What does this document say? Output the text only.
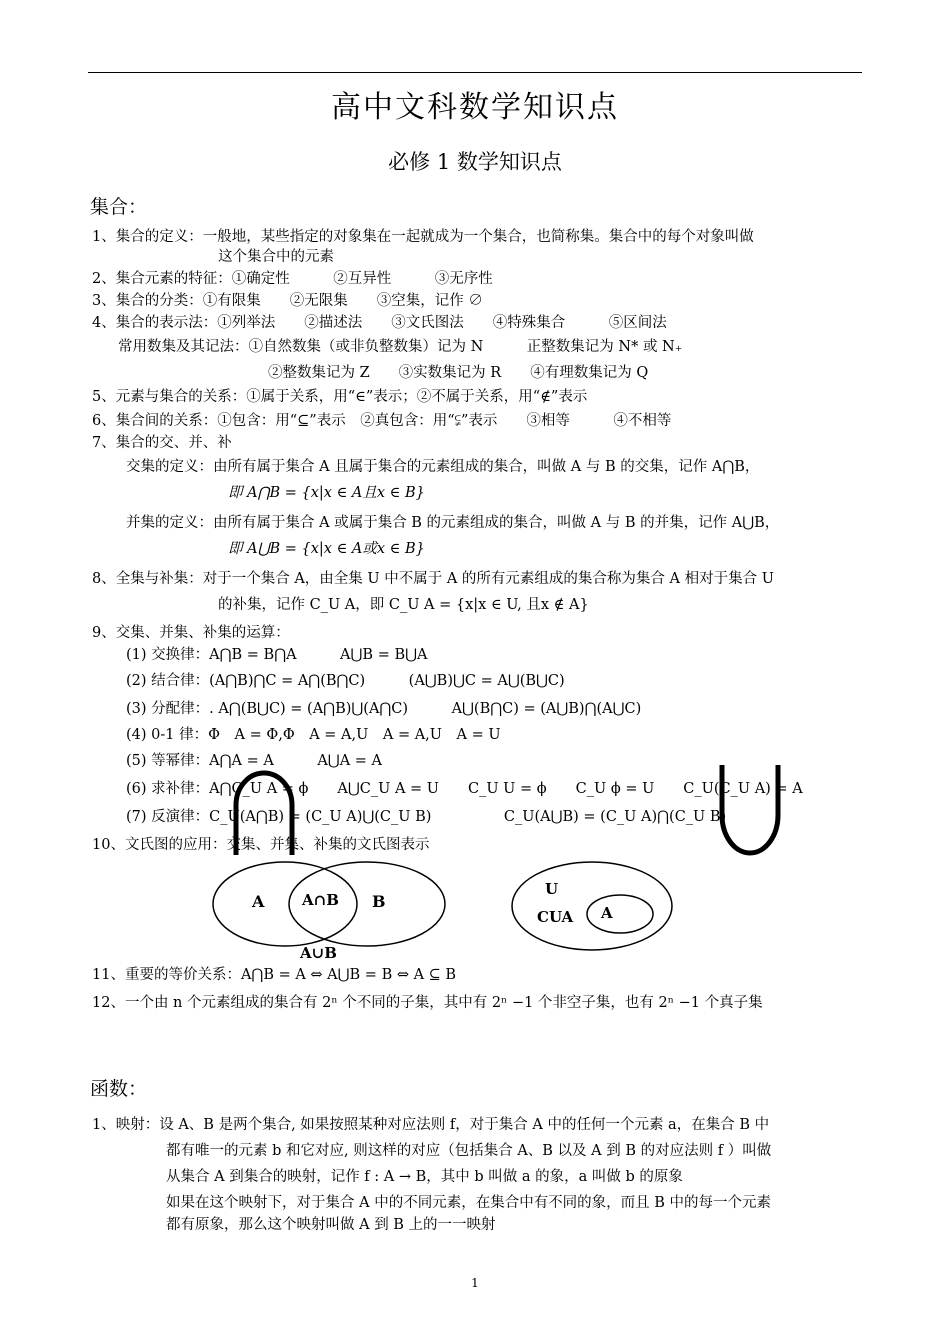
高中文科数学知识点
必修 1 数学知识点
集合：
1、集合的定义：一般地，某些指定的对象集在一起就成为一个集合，也简称集。集合中的每个对象叫做
这个集合中的元素
2、集合元素的特征：①确定性　　　②互异性　　　③无序性
3、集合的分类：①有限集　　②无限集　　③空集，记作 ∅
4、集合的表示法：①列举法　　②描述法　　③文氏图法　　④特殊集合　　　⑤区间法
常用数集及其记法：①自然数集（或非负整数集）记为 N　　　正整数集记为 N* 或 N₊
②整数集记为 Z　　③实数集记为 R　　④有理数集记为 Q
5、元素与集合的关系：①属于关系，用“∈”表示；②不属于关系，用“∉”表示
6、集合间的关系：①包含：用“⊆”表示　②真包含：用“⫋”表示　　③相等　　　④不相等
7、集合的交、并、补
交集的定义：由所有属于集合 A 且属于集合的元素组成的集合，叫做 A 与 B 的交集，记作 A⋂B，
即 A⋂B = {x|x ∈ A且x ∈ B}
并集的定义：由所有属于集合 A 或属于集合 B 的元素组成的集合，叫做 A 与 B 的并集，记作 A⋃B，
即 A⋃B = {x|x ∈ A或x ∈ B}
8、全集与补集：对于一个集合 A，由全集 U 中不属于 A 的所有元素组成的集合称为集合 A 相对于集合 U
的补集，记作 C_U A，即 C_U A = {x|x ∈ U, 且x ∉ A}
9、交集、并集、补集的运算：
(1) 交换律：A⋂B = B⋂A　　　A⋃B = B⋃A
(2) 结合律：(A⋂B)⋂C = A⋂(B⋂C)　　　(A⋃B)⋃C = A⋃(B⋃C)
(3) 分配律：. A⋂(B⋃C) = (A⋂B)⋃(A⋂C)　　　A⋃(B⋂C) = (A⋃B)⋂(A⋃C)
(4) 0-1 律：Φ　A = Φ,Φ　A = A,U　A = A,U　A = U
(5) 等幂律：A⋂A = A　　　A⋃A = A
(6) 求补律：A⋂C_U A = ϕ　　A⋃C_U A = U　　C_U U = ϕ　　C_U ϕ = U　　C_U(C_U A) = A
(7) 反演律：C_U(A⋂B) = (C_U A)⋃(C_U B)　　　　　C_U(A⋃B) = (C_U A)⋂(C_U B)
10、文氏图的应用：交集、并集、补集的文氏图表示
A	A∩B B
A∪B
U
CUA A
11、重要的等价关系：A⋂B = A ⇔ A⋃B = B ⇔ A ⊆ B
12、一个由 n 个元素组成的集合有 2ⁿ 个不同的子集，其中有 2ⁿ −1 个非空子集，也有 2ⁿ −1 个真子集
函数：
1、映射：设 A、B 是两个集合, 如果按照某种对应法则 f，对于集合 A 中的任何一个元素 a，在集合 B 中
都有唯一的元素 b 和它对应, 则这样的对应（包括集合 A、B 以及 A 到 B 的对应法则 f ）叫做
从集合 A 到集合的映射，记作 f : A → B，其中 b 叫做 a 的象，a 叫做 b 的原象
如果在这个映射下，对于集合 A 中的不同元素，在集合中有不同的象，而且 B 中的每一个元素
都有原象，那么这个映射叫做 A 到 B 上的一一映射
1
